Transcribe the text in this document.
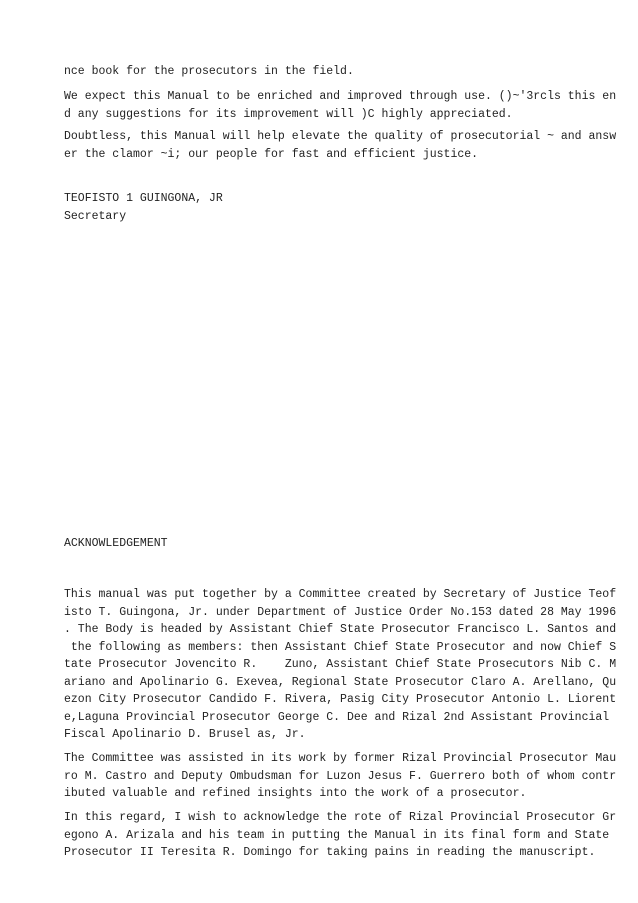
nce book for the prosecutors in the field.

We expect this Manual to be enriched and improved through use. ()~'3rcls this en

d any suggestions for its improvement will )C highly appreciated.

Doubtless, this Manual will help elevate the quality of prosecutorial ~ and answ

er the clamor ~i; our people for fast and efficient justice.

TEOFISTO 1 GUINGONA, JR

Secretary

ACKNOWLEDGEMENT

This manual was put together by a Committee created by Secretary of Justice Teof

isto T. Guingona, Jr. under Department of Justice Order No.153 dated 28 May 1996

. The Body is headed by Assistant Chief State Prosecutor Francisco L. Santos and

the following as members: then Assistant Chief State Prosecutor and now Chief S

tate Prosecutor Jovencito R.    Zuno, Assistant Chief State Prosecutors Nib C. M

ariano and Apolinario G. Exevea, Regional State Prosecutor Claro A. Arellano, Qu

ezon City Prosecutor Candido F. Rivera, Pasig City Prosecutor Antonio L. Liorent

e,Laguna Provincial Prosecutor George C. Dee and Rizal 2nd Assistant Provincial

Fiscal Apolinario D. Brusel as, Jr.

The Committee was assisted in its work by former Rizal Provincial Prosecutor Mau

ro M. Castro and Deputy Ombudsman for Luzon Jesus F. Guerrero both of whom contr

ibuted valuable and refined insights into the work of a prosecutor.

In this regard, I wish to acknowledge the rote of Rizal Provincial Prosecutor Gr

egono A. Arizala and his team in putting the Manual in its final form and State

Prosecutor II Teresita R. Domingo for taking pains in reading the manuscript.
